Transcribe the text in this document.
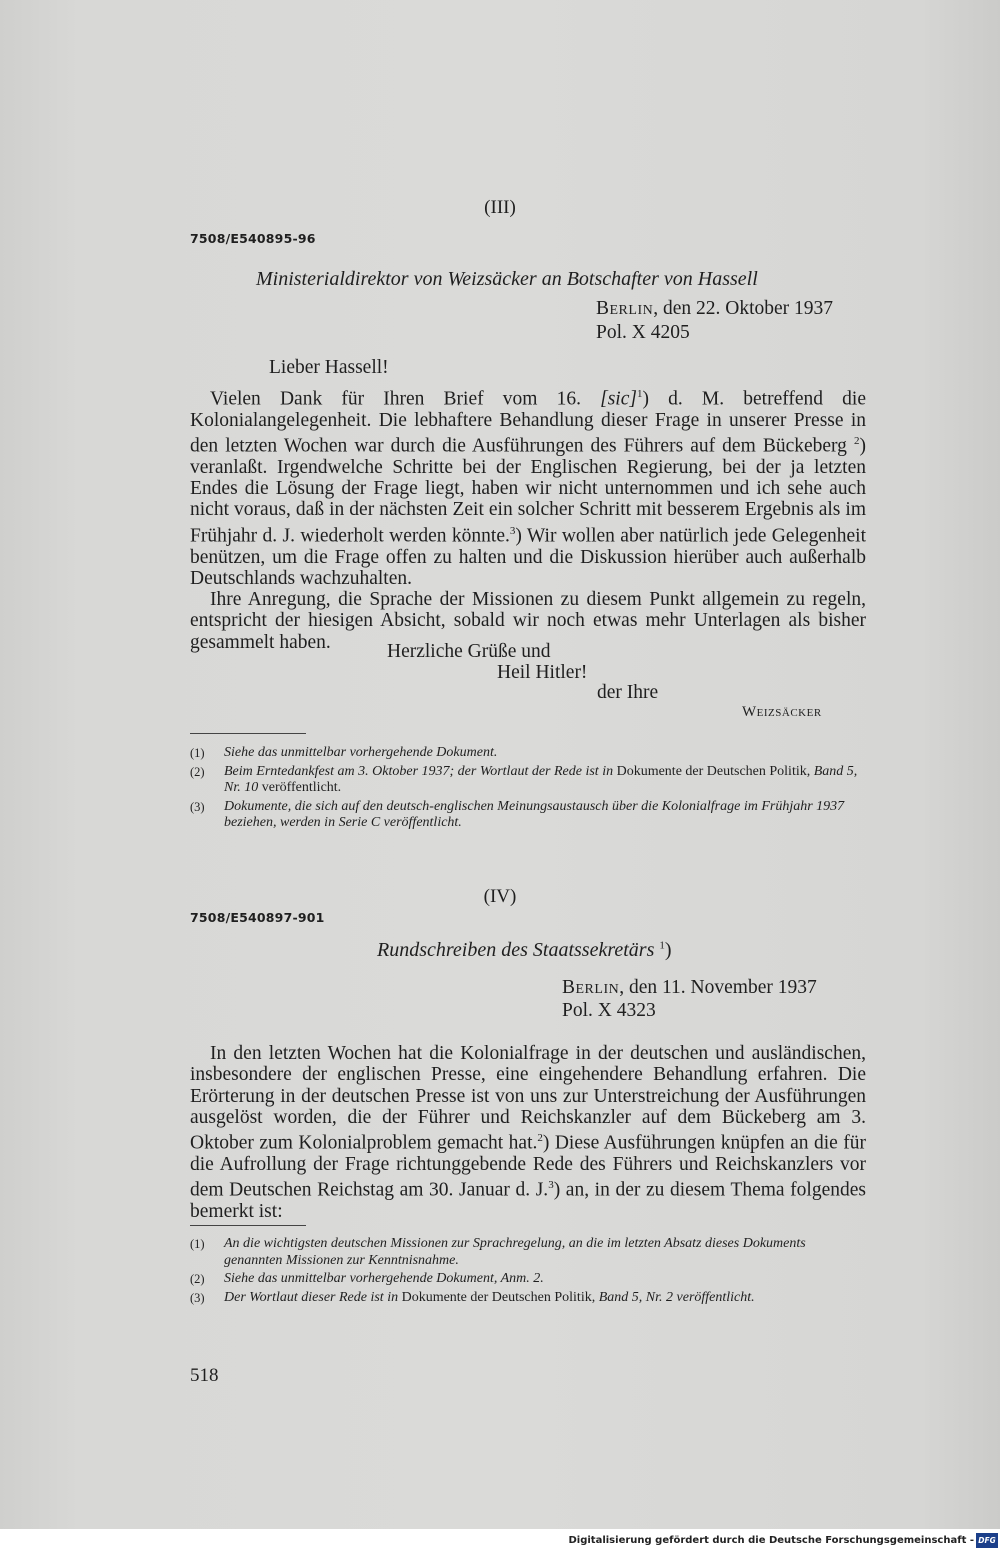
(III)
7508/E540895-96
Ministerialdirektor von Weizsäcker an Botschafter von Hassell
Berlin, den 22. Oktober 1937
Pol. X 4205
Lieber Hassell!

Vielen Dank für Ihren Brief vom 16. [sic]$^1$) d. M. betreffend die Kolonialangelegenheit. Die lebhaftere Behandlung dieser Frage in unserer Presse in den letzten Wochen war durch die Ausführungen des Führers auf dem Bückeberg $^2$) veranlaßt. Irgendwelche Schritte bei der Englischen Regierung, bei der ja letzten Endes die Lösung der Frage liegt, haben wir nicht unternommen und ich sehe auch nicht voraus, daß in der nächsten Zeit ein solcher Schritt mit besserem Ergebnis als im Frühjahr d. J. wiederholt werden könnte.$^3$) Wir wollen aber natürlich jede Gelegenheit benützen, um die Frage offen zu halten und die Diskussion hierüber auch außerhalb Deutschlands wachzuhalten.

Ihre Anregung, die Sprache der Missionen zu diesem Punkt allgemein zu regeln, entspricht der hiesigen Absicht, sobald wir noch etwas mehr Unterlagen als bisher gesammelt haben.	Herzliche Grüße und
Heil Hitler!
der Ihre
Weizsäcker
(1) Siehe das unmittelbar vorhergehende Dokument.
(2) Beim Erntedankfest am 3. Oktober 1937; der Wortlaut der Rede ist in Dokumente der Deutschen Politik, Band 5, Nr. 10 veröffentlicht.
(3) Dokumente, die sich auf den deutsch-englischen Meinungsaustausch über die Kolonialfrage im Frühjahr 1937 beziehen, werden in Serie C veröffentlicht.
(IV)
7508/E540897-901
Rundschreiben des Staatssekretärs $^1$)
Berlin, den 11. November 1937
Pol. X 4323

In den letzten Wochen hat die Kolonialfrage in der deutschen und ausländischen, insbesondere der englischen Presse, eine eingehendere Behandlung erfahren. Die Erörterung in der deutschen Presse ist von uns zur Unterstreichung der Ausführungen ausgelöst worden, die der Führer und Reichskanzler auf dem Bückeberg am 3. Oktober zum Kolonialproblem gemacht hat.$^2$) Diese Ausführungen knüpfen an die für die Aufrollung der Frage richtunggebende Rede des Führers und Reichskanzlers vor dem Deutschen Reichstag am 30. Januar d. J.$^3$) an, in der zu diesem Thema folgendes bemerkt ist:

(1) An die wichtigsten deutschen Missionen zur Sprachregelung, an die im letzten Absatz dieses Dokuments genannten Missionen zur Kenntnisnahme.
(2) Siehe das unmittelbar vorhergehende Dokument, Anm. 2.
(3) Der Wortlaut dieser Rede ist in Dokumente der Deutschen Politik, Band 5, Nr. 2 veröffentlicht.
518
Digitalisierung gefördert durch die Deutsche Forschungsgemeinschaft - DFG
